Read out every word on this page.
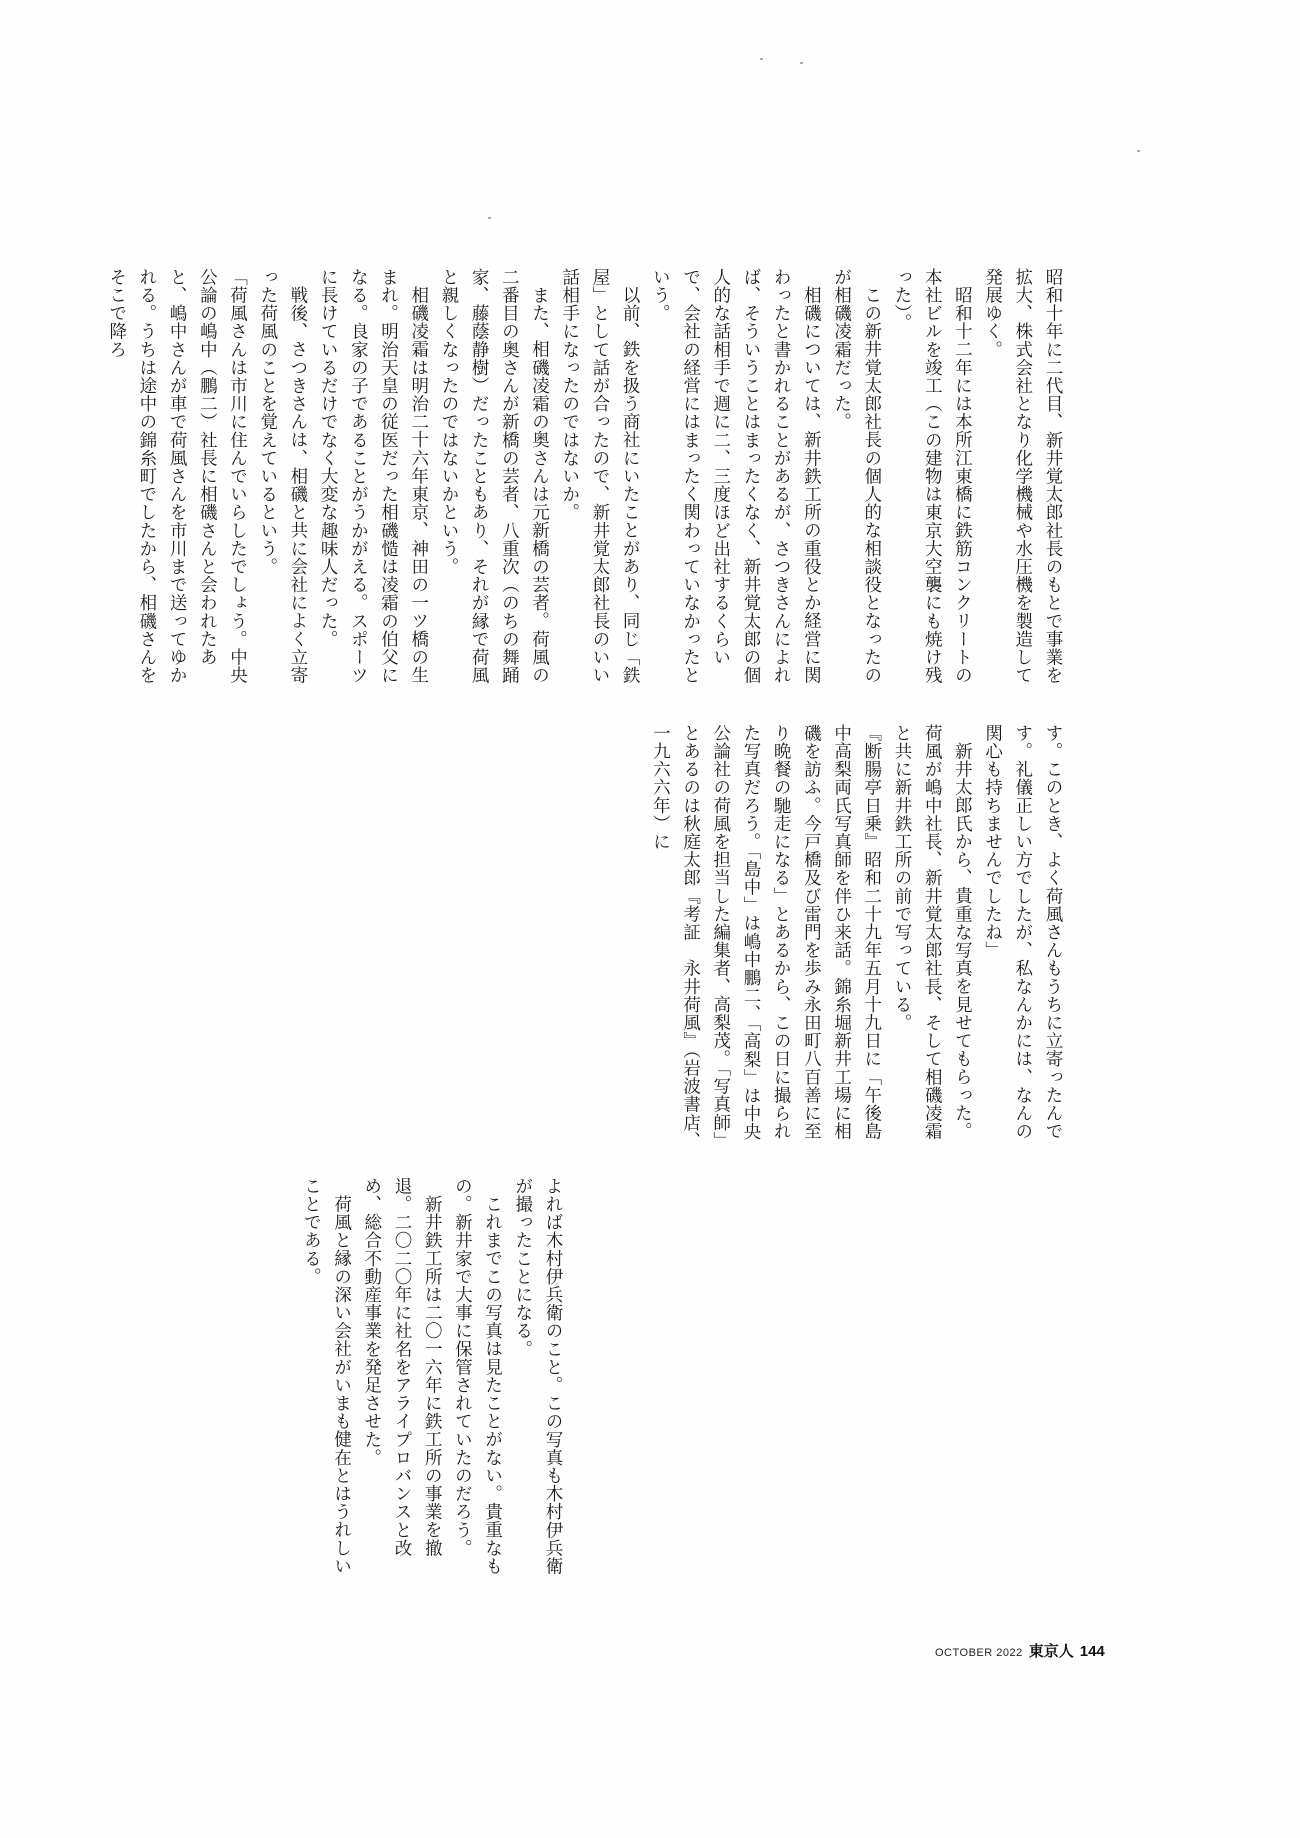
昭和十年に二代目、新井覚太郎社長のもとで事業を拡大、株式会社となり化学機械や水圧機を製造して発展ゆく。

昭和十二年には本所江東橋に鉄筋コンクリートの本社ビルを竣工（この建物は東京大空襲にも焼け残った）。

この新井覚太郎社長の個人的な相談役となったのが相磯凌霜だった。

相磯については、新井鉄工所の重役とか経営に関わったと書かれることがあるが、さつきさんによれば、そういうことはまったくなく、新井覚太郎の個人的な話相手で週に二、三度ほど出社するくらいで、会社の経営にはまったく関わっていなかったという。

以前、鉄を扱う商社にいたことがあり、同じ「鉄屋」として話が合ったので、新井覚太郎社長のいい話相手になったのではないか。

また、相磯凌霜の奥さんは元新橋の芸者。荷風の二番目の奥さんが新橋の芸者、八重次（のちの舞踊家、藤蔭静樹）だったこともあり、それが縁で荷風と親しくなったのではないかという。

相磯凌霜は明治二十六年東京、神田の一ツ橋の生まれ。明治天皇の従医だった相磯慥は凌霜の伯父になる。良家の子であることがうかがえる。スポーツに長けているだけでなく大変な趣味人だった。

戦後、さつきさんは、相磯と共に会社によく立寄った荷風のことを覚えているという。

「荷風さんは市川に住んでいらしたでしょう。中央公論の嶋中（鵬二）社長に相磯さんと会われたあと、嶋中さんが車で荷風さんを市川まで送ってゆかれる。うちは途中の錦糸町でしたから、相磯さんをそこで降ろ

す。このとき、よく荷風さんもうちに立寄ったんです。礼儀正しい方でしたが、私なんかには、なんの関心も持ちませんでしたね」

新井太郎氏から、貴重な写真を見せてもらった。荷風が嶋中社長、新井覚太郎社長、そして相磯凌霜と共に新井鉄工所の前で写っている。

『断腸亭日乗』昭和二十九年五月十九日に「午後島中高梨両氏写真師を伴ひ来話。錦糸堀新井工場に相磯を訪ふ。今戸橋及び雷門を歩み永田町八百善に至り晩餐の馳走になる」とあるから、この日に撮られた写真だろう。「島中」は嶋中鵬二、「高梨」は中央公論社の荷風を担当した編集者、高梨茂。「写真師」とあるのは秋庭太郎『考証　永井荷風』（岩波書店、一九六六年）に

よれば木村伊兵衛のこと。この写真も木村伊兵衛が撮ったことになる。

これまでこの写真は見たことがない。貴重なもの。新井家で大事に保管されていたのだろう。

新井鉄工所は二〇一六年に鉄工所の事業を撤退。二〇二〇年に社名をアライプロバンスと改め、総合不動産事業を発足させた。

荷風と縁の深い会社がいまも健在とはうれしいことである。

OCTOBER 2022 東京人 144
